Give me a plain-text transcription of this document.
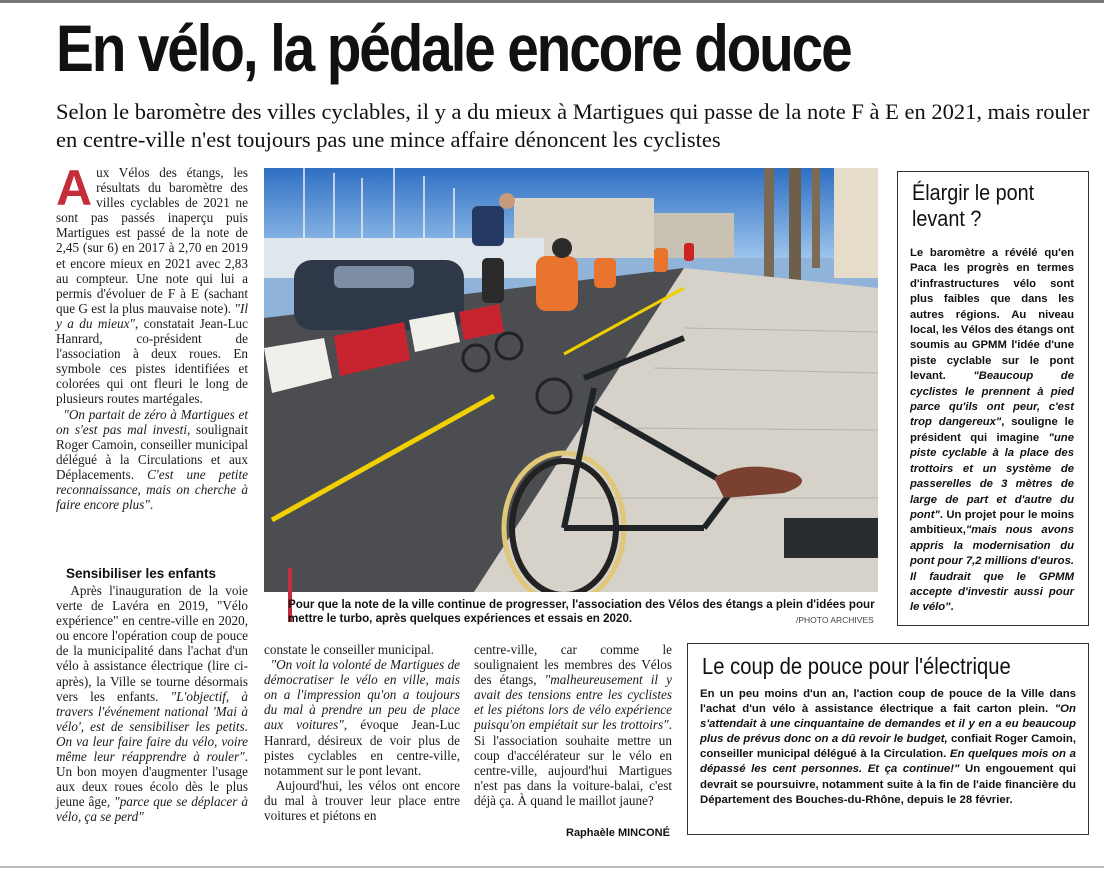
En vélo, la pédale encore douce
Selon le baromètre des villes cyclables, il y a du mieux à Martigues qui passe de la note F à E en 2021, mais rouler en centre-ville n'est toujours pas une mince affaire dénoncent les cyclistes

Aux Vélos des étangs, les résultats du baromètre des villes cyclables de 2021 ne sont pas passés inaperçu puis Martigues est passé de la note de 2,45 (sur 6) en 2017 à 2,70 en 2019 et encore mieux en 2021 avec 2,83 au compteur. Une note qui lui a permis d'évoluer de F à E (sachant que G est la plus mauvaise note). "Il y a du mieux", constatait Jean-Luc Hanrard, co-président de l'association à deux roues. En symbole ces pistes identifiées et colorées qui ont fleuri le long de plusieurs routes martégales.

"On partait de zéro à Martigues et on s'est pas mal investi, soulignait Roger Camoin, conseiller municipal délégué à la Circulations et aux Déplacements. C'est une petite reconnaissance, mais on cherche à faire encore plus".

Sensibiliser les enfants

Après l'inauguration de la voie verte de Lavéra en 2019, "Vélo expérience" en centre-ville en 2020, ou encore l'opération coup de pouce de la municipalité dans l'achat d'un vélo à assistance électrique (lire ci-après), la Ville se tourne désormais vers les enfants. "L'objectif, à travers l'événement national 'Mai à vélo', est de sensibiliser les petits. On va leur faire faire du vélo, voire même leur réapprendre à rouler". Un bon moyen d'augmenter l'usage aux deux roues écolo dès le plus jeune âge, "parce que se déplacer à vélo, ça se perd"

Pour que la note de la ville continue de progresser, l'association des Vélos des étangs a plein d'idées pour mettre le turbo, après quelques expériences et essais en 2020.	/PHOTO ARCHIVES

constate le conseiller municipal.

"On voit la volonté de Martigues de démocratiser le vélo en ville, mais on a l'impression qu'on a toujours du mal à prendre un peu de place aux voitures", évoque Jean-Luc Hanrard, désireux de voir plus de pistes cyclables en centre-ville, notamment sur le pont levant.

Aujourd'hui, les vélos ont encore du mal à trouver leur place entre voitures et piétons en

centre-ville, car comme le soulignaient les membres des Vélos des étangs, "malheureusement il y avait des tensions entre les cyclistes et les piétons lors de vélo expérience puisqu'on empiétait sur les trottoirs". Si l'association souhaite mettre un coup d'accélérateur sur le vélo en centre-ville, aujourd'hui Martigues n'est pas dans la voiture-balai, c'est déjà ça. À quand le maillot jaune?

Raphaèle MINCONÉ
Élargir le pont levant ?
Le baromètre a révélé qu'en Paca les progrès en termes d'infrastructures vélo sont plus faibles que dans les autres régions. Au niveau local, les Vélos des étangs ont soumis au GPMM l'idée d'une piste cyclable sur le pont levant. "Beaucoup de cyclistes le prennent à pied parce qu'ils ont peur, c'est trop dangereux", souligne le président qui imagine "une piste cyclable à la place des trottoirs et un système de passerelles de 3 mètres de large de part et d'autre du pont". Un projet pour le moins ambitieux,"mais nous avons appris la modernisation du pont pour 7,2 millions d'euros. Il faudrait que le GPMM accepte d'investir aussi pour le vélo".
Le coup de pouce pour l'électrique
En un peu moins d'un an, l'action coup de pouce de la Ville dans l'achat d'un vélo à assistance électrique a fait carton plein. "On s'attendait à une cinquantaine de demandes et il y en a eu beaucoup plus de prévus donc on a dû revoir le budget, confiait Roger Camoin, conseiller municipal délégué à la Circulation. En quelques mois on a dépassé les cent personnes. Et ça continue!" Un engouement qui devrait se poursuivre, notamment suite à la fin de l'aide financière du Département des Bouches-du-Rhône, depuis le 28 février.
